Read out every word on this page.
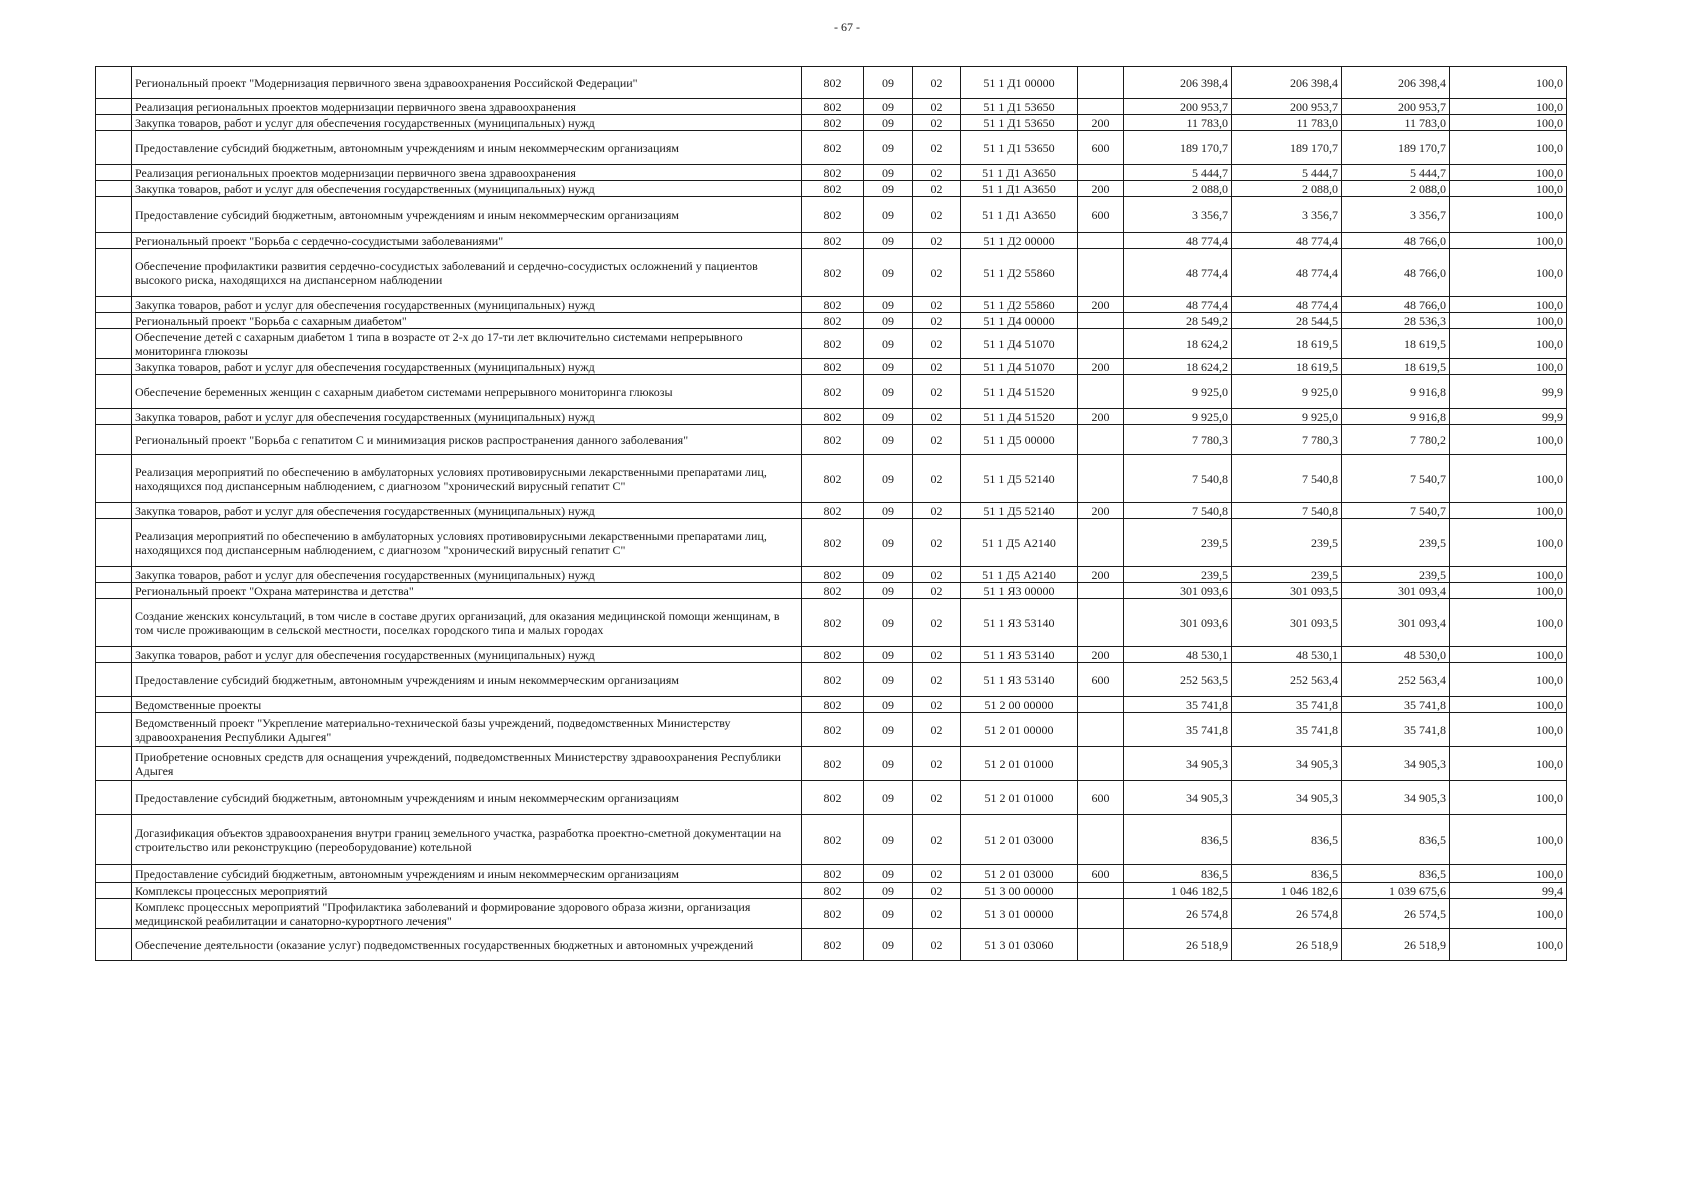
- 67 -
	Региональный проект "Модернизация первичного звена здравоохранения Российской Федерации"	802	09	02	51 1 Д1 00000		206 398,4	206 398,4	206 398,4	100,0
	Реализация региональных проектов модернизации первичного звена здравоохранения	802	09	02	51 1 Д1 53650		200 953,7	200 953,7	200 953,7	100,0
	Закупка товаров, работ и услуг для обеспечения государственных (муниципальных) нужд	802	09	02	51 1 Д1 53650	200	11 783,0	11 783,0	11 783,0	100,0
	Предоставление субсидий бюджетным, автономным учреждениям и иным некоммерческим организациям	802	09	02	51 1 Д1 53650	600	189 170,7	189 170,7	189 170,7	100,0
	Реализация региональных проектов модернизации первичного звена здравоохранения	802	09	02	51 1 Д1 А3650		5 444,7	5 444,7	5 444,7	100,0
	Закупка товаров, работ и услуг для обеспечения государственных (муниципальных) нужд	802	09	02	51 1 Д1 А3650	200	2 088,0	2 088,0	2 088,0	100,0
	Предоставление субсидий бюджетным, автономным учреждениям и иным некоммерческим организациям	802	09	02	51 1 Д1 А3650	600	3 356,7	3 356,7	3 356,7	100,0
	Региональный проект "Борьба с сердечно-сосудистыми заболеваниями"	802	09	02	51 1 Д2 00000		48 774,4	48 774,4	48 766,0	100,0
	Обеспечение профилактики развития сердечно-сосудистых заболеваний и сердечно-сосудистых осложнений у пациентов высокого риска, находящихся на диспансерном наблюдении	802	09	02	51 1 Д2 55860		48 774,4	48 774,4	48 766,0	100,0
	Закупка товаров, работ и услуг для обеспечения государственных (муниципальных) нужд	802	09	02	51 1 Д2 55860	200	48 774,4	48 774,4	48 766,0	100,0
	Региональный проект "Борьба с сахарным диабетом"	802	09	02	51 1 Д4 00000		28 549,2	28 544,5	28 536,3	100,0
	Обеспечение детей с сахарным диабетом 1 типа в возрасте от 2-х до 17-ти лет включительно системами непрерывного мониторинга глюкозы	802	09	02	51 1 Д4 51070		18 624,2	18 619,5	18 619,5	100,0
	Закупка товаров, работ и услуг для обеспечения государственных (муниципальных) нужд	802	09	02	51 1 Д4 51070	200	18 624,2	18 619,5	18 619,5	100,0
	Обеспечение беременных женщин с сахарным диабетом системами непрерывного мониторинга глюкозы	802	09	02	51 1 Д4 51520		9 925,0	9 925,0	9 916,8	99,9
	Закупка товаров, работ и услуг для обеспечения государственных (муниципальных) нужд	802	09	02	51 1 Д4 51520	200	9 925,0	9 925,0	9 916,8	99,9
	Региональный проект "Борьба с гепатитом С и минимизация рисков распространения данного заболевания"	802	09	02	51 1 Д5 00000		7 780,3	7 780,3	7 780,2	100,0
	Реализация мероприятий по обеспечению в амбулаторных условиях противовирусными лекарственными препаратами лиц, находящихся под диспансерным наблюдением, с диагнозом "хронический вирусный гепатит С"	802	09	02	51 1 Д5 52140		7 540,8	7 540,8	7 540,7	100,0
	Закупка товаров, работ и услуг для обеспечения государственных (муниципальных) нужд	802	09	02	51 1 Д5 52140	200	7 540,8	7 540,8	7 540,7	100,0
	Реализация мероприятий по обеспечению в амбулаторных условиях противовирусными лекарственными препаратами лиц, находящихся под диспансерным наблюдением, с диагнозом "хронический вирусный гепатит С"	802	09	02	51 1 Д5 А2140		239,5	239,5	239,5	100,0
	Закупка товаров, работ и услуг для обеспечения государственных (муниципальных) нужд	802	09	02	51 1 Д5 А2140	200	239,5	239,5	239,5	100,0
	Региональный проект "Охрана материнства и детства"	802	09	02	51 1 Я3 00000		301 093,6	301 093,5	301 093,4	100,0
	Создание женских консультаций, в том числе в составе других организаций, для оказания медицинской помощи женщинам, в том числе проживающим в сельской местности, поселках городского типа и малых городах	802	09	02	51 1 Я3 53140		301 093,6	301 093,5	301 093,4	100,0
	Закупка товаров, работ и услуг для обеспечения государственных (муниципальных) нужд	802	09	02	51 1 Я3 53140	200	48 530,1	48 530,1	48 530,0	100,0
	Предоставление субсидий бюджетным, автономным учреждениям и иным некоммерческим организациям	802	09	02	51 1 Я3 53140	600	252 563,5	252 563,4	252 563,4	100,0
	Ведомственные проекты	802	09	02	51 2 00 00000		35 741,8	35 741,8	35 741,8	100,0
	Ведомственный проект "Укрепление материально-технической базы учреждений, подведомственных Министерству здравоохранения Республики Адыгея"	802	09	02	51 2 01 00000		35 741,8	35 741,8	35 741,8	100,0
	Приобретение основных средств для оснащения учреждений, подведомственных Министерству здравоохранения Республики Адыгея	802	09	02	51 2 01 01000		34 905,3	34 905,3	34 905,3	100,0
	Предоставление субсидий бюджетным, автономным учреждениям и иным некоммерческим организациям	802	09	02	51 2 01 01000	600	34 905,3	34 905,3	34 905,3	100,0
	Догазификация объектов здравоохранения внутри границ земельного участка, разработка проектно-сметной документации на строительство или реконструкцию (переоборудование) котельной	802	09	02	51 2 01 03000		836,5	836,5	836,5	100,0
	Предоставление субсидий бюджетным, автономным учреждениям и иным некоммерческим организациям	802	09	02	51 2 01 03000	600	836,5	836,5	836,5	100,0
	Комплексы процессных мероприятий	802	09	02	51 3 00 00000		1 046 182,5	1 046 182,6	1 039 675,6	99,4
	Комплекс процессных мероприятий "Профилактика заболеваний и формирование здорового образа жизни, организация медицинской реабилитации и санаторно-курортного лечения"	802	09	02	51 3 01 00000		26 574,8	26 574,8	26 574,5	100,0
	Обеспечение деятельности (оказание услуг) подведомственных государственных бюджетных и автономных учреждений	802	09	02	51 3 01 03060		26 518,9	26 518,9	26 518,9	100,0
